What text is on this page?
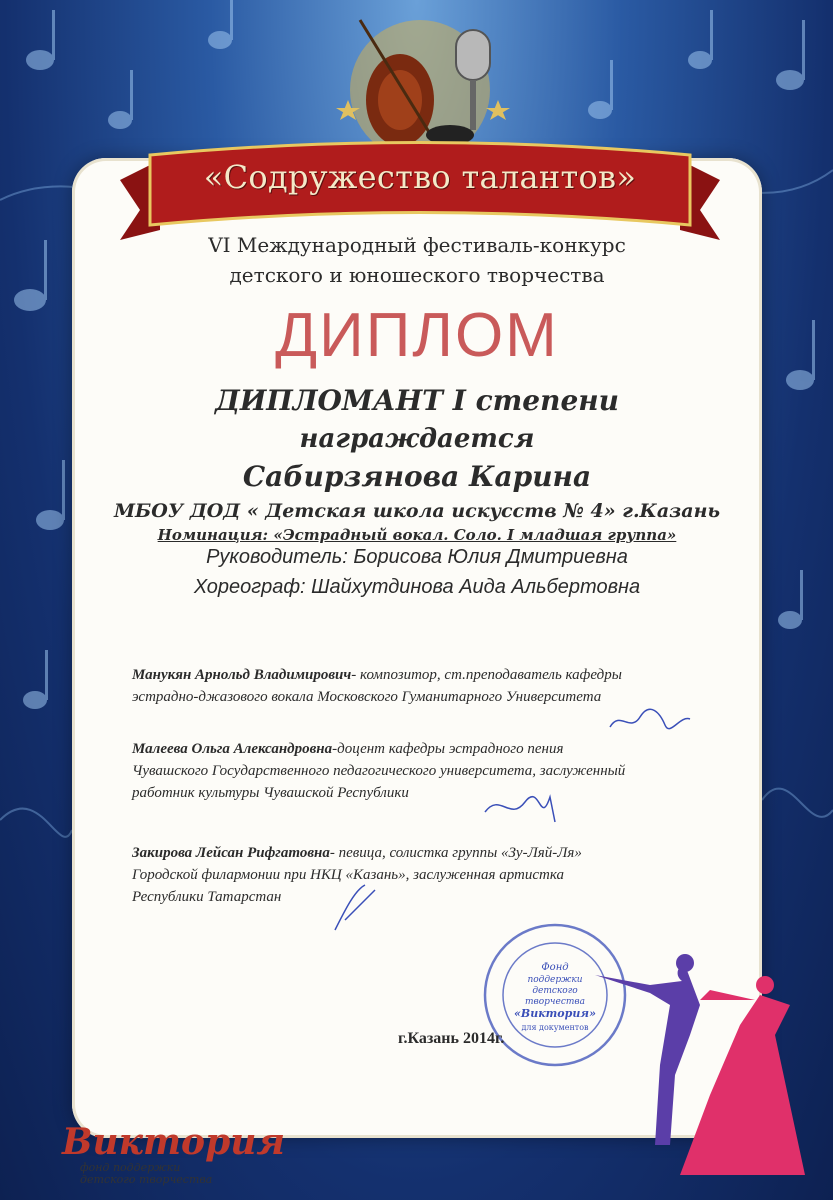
«Содружество талантов»
VI Международный фестиваль-конкурс
детского и юношеского творчества
ДИПЛОМ
ДИПЛОМАНТ I степени
награждается
Сабирзянова Карина
МБОУ ДОД « Детская школа искусств № 4» г.Казань
Номинация: «Эстрадный вокал. Соло. I младшая группа»
Руководитель: Борисова Юлия Дмитриевна
Хореограф: Шайхутдинова Аида Альбертовна
Манукян Арнольд Владимирович- композитор, ст.преподаватель кафедры
эстрадно-джазового вокала Московского Гуманитарного Университета
Малеева Ольга Александровна-доцент кафедры эстрадного пения
Чувашского Государственного педагогического университета, заслуженный
работник культуры Чувашской Республики
Закирова Лейсан Рифгатовна- певица, солистка группы «Зу-Ляй-Ля»
Городской филармонии при НКЦ «Казань», заслуженная артистка
Республики Татарстан
Фонд
поддержки
детского
творчества
«Виктория»
для документов
г.Казань 2014г.
Виктория
фонд поддержки
детского творчества
